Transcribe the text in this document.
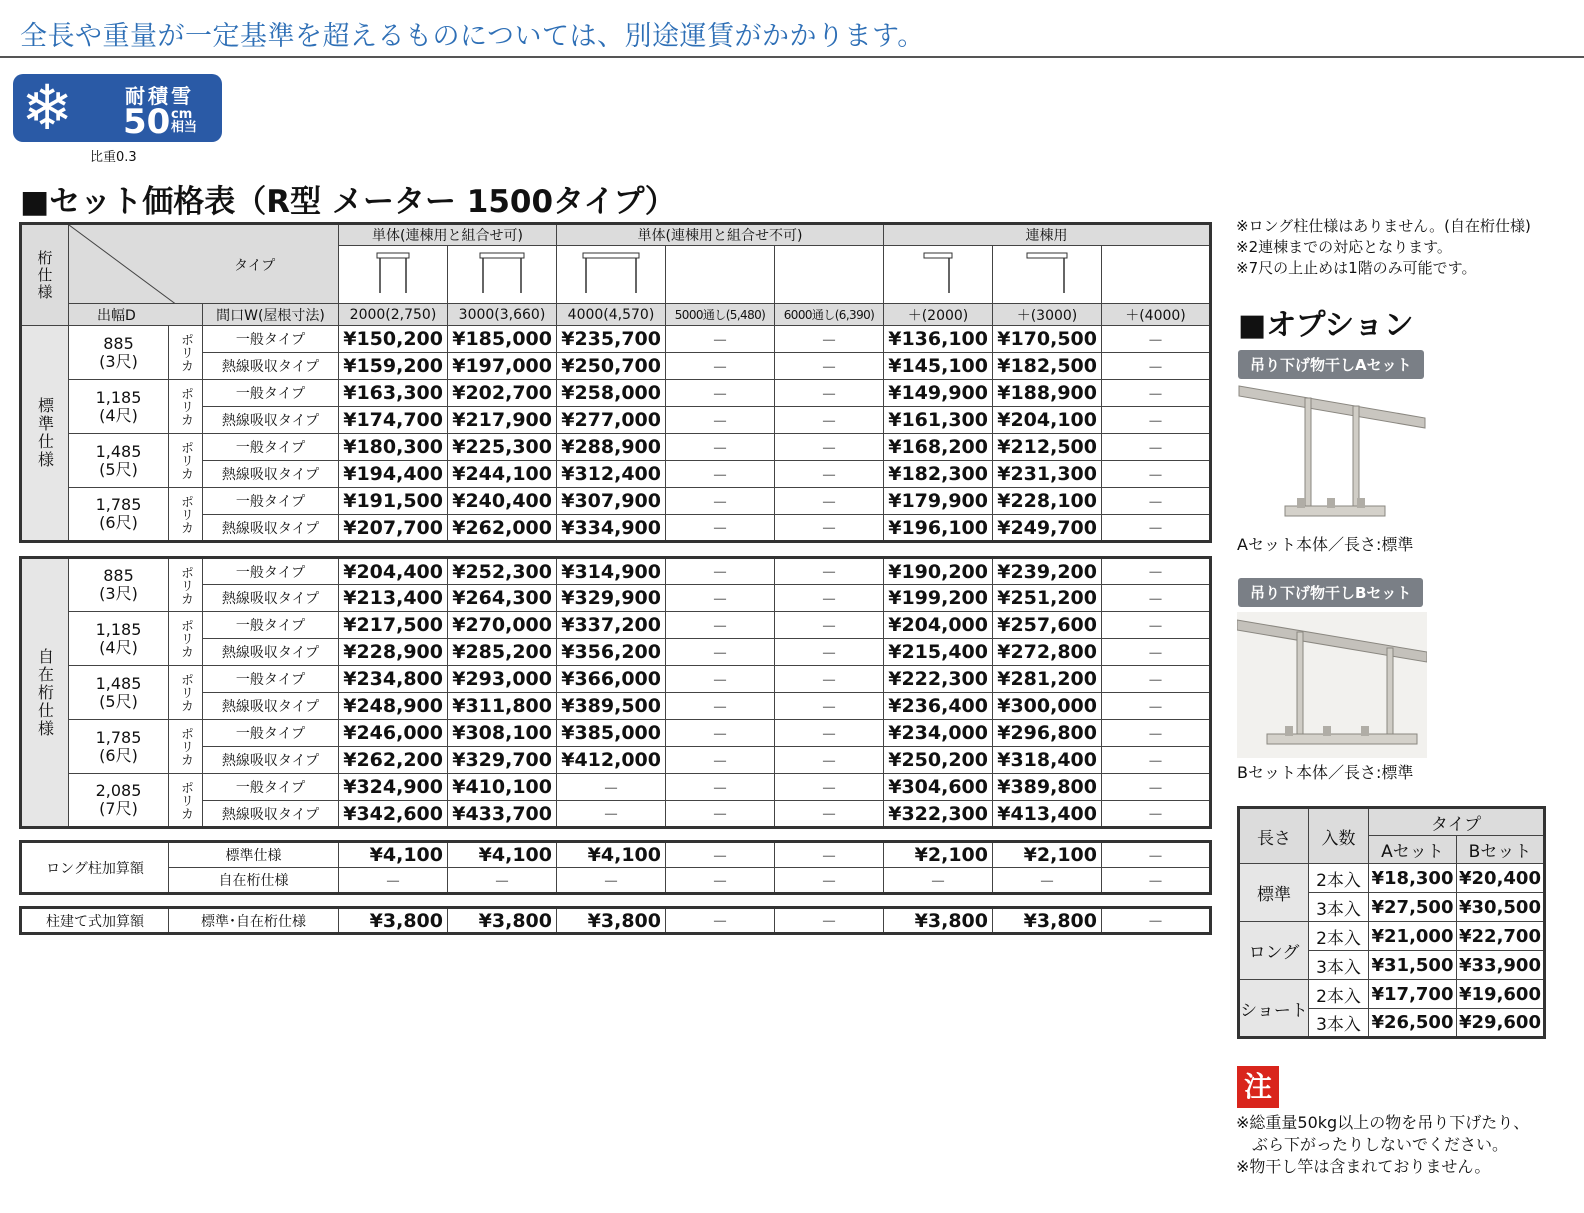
全長や重量が一定基準を超えるものについては、別途運賃がかかります。
❄	耐積雪
50 cm
相当
比重0.3
■セット価格表（R型 メーター 1500タイプ）
桁仕様	タイプ			単体(連棟用と組合せ可)		単体(連棟用と組合せ不可)			連棟用		

	出幅D		間口W(屋根寸法)	2000(2,750)	3000(3,660)	4000(4,570)	5000通し(5,480)	6000通し(6,390)	＋(2000)	＋(3000)	＋(4000)
標準仕様	885
(3尺)	ポリカ	一般タイプ	¥150,200	¥185,000	¥235,700	－	－	¥136,100	¥170,500	－
			熱線吸収タイプ	¥159,200	¥197,000	¥250,700	－	－	¥145,100	¥182,500	－

	1,185
(4尺)	ポリカ	一般タイプ	¥163,300	¥202,700	¥258,000	－	－	¥149,900	¥188,900	－
			熱線吸収タイプ	¥174,700	¥217,900	¥277,000	－	－	¥161,300	¥204,100	－

	1,485
(5尺)	ポリカ	一般タイプ	¥180,300	¥225,300	¥288,900	－	－	¥168,200	¥212,500	－
			熱線吸収タイプ	¥194,400	¥244,100	¥312,400	－	－	¥182,300	¥231,300	－

	1,785
(6尺)	ポリカ	一般タイプ	¥191,500	¥240,400	¥307,900	－	－	¥179,900	¥228,100	－
			熱線吸収タイプ	¥207,700	¥262,000	¥334,900	－	－	¥196,100	¥249,700	－
自在桁仕様	885
(3尺)	ポリカ	一般タイプ	¥204,400	¥252,300	¥314,900	－	－	¥190,200	¥239,200	－
			熱線吸収タイプ	¥213,400	¥264,300	¥329,900	－	－	¥199,200	¥251,200	－

	1,185
(4尺)	ポリカ	一般タイプ	¥217,500	¥270,000	¥337,200	－	－	¥204,000	¥257,600	－
			熱線吸収タイプ	¥228,900	¥285,200	¥356,200	－	－	¥215,400	¥272,800	－

	1,485
(5尺)	ポリカ	一般タイプ	¥234,800	¥293,000	¥366,000	－	－	¥222,300	¥281,200	－
			熱線吸収タイプ	¥248,900	¥311,800	¥389,500	－	－	¥236,400	¥300,000	－

	1,785
(6尺)	ポリカ	一般タイプ	¥246,000	¥308,100	¥385,000	－	－	¥234,000	¥296,800	－
			熱線吸収タイプ	¥262,200	¥329,700	¥412,000	－	－	¥250,200	¥318,400	－

	2,085
(7尺)	ポリカ	一般タイプ	¥324,900	¥410,100	－	－	－	¥304,600	¥389,800	－
			熱線吸収タイプ	¥342,600	¥433,700	－	－	－	¥322,300	¥413,400	－
ロング柱加算額	標準仕様	¥4,100	¥4,100	¥4,100	－	－	¥2,100	¥2,100	－
	自在桁仕様	－	－	－	－	－	－	－	－
柱建て式加算額	標準･自在桁仕様	¥3,800	¥3,800	¥3,800	－	－	¥3,800	¥3,800	－
※ロング柱仕様はありません。(自在桁仕様)
※2連棟までの対応となります。
※7尺の上止めは1階のみ可能です。
■オプション
吊り下げ物干しAセット
Aセット本体／長さ:標準
吊り下げ物干しBセット
Bセット本体／長さ:標準
長さ	入数	タイプ	
		Aセット	Bセット
標準	2本入	¥18,300	¥20,400
	3本入	¥27,500	¥30,500
ロング	2本入	¥21,000	¥22,700
	3本入	¥31,500	¥33,900
ショート	2本入	¥17,700	¥19,600
	3本入	¥26,500	¥29,600
注
※総重量50kg以上の物を吊り下げたり、
　ぶら下がったりしないでください。
※物干し竿は含まれておりません。
